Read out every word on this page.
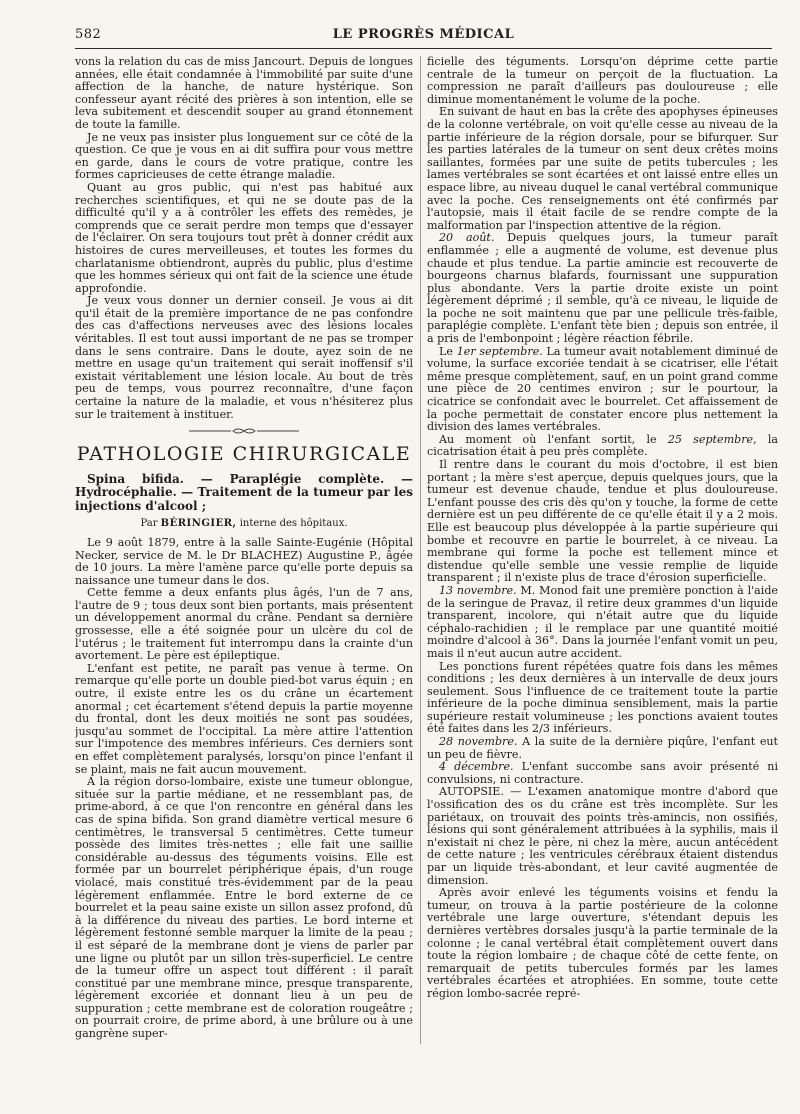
582	LE PROGRÈS MÉDICAL

vons la relation du cas de miss Jancourt. Depuis de longues années, elle était condamnée à l'immobilité par suite d'une affection de la hanche, de nature hystérique. Son confesseur ayant récité des prières à son intention, elle se leva subitement et descendit souper au grand étonnement de toute la famille.

Je ne veux pas insister plus longuement sur ce côté de la question. Ce que je vous en ai dit suffira pour vous mettre en garde, dans le cours de votre pratique, contre les formes capricieuses de cette étrange maladie.

Quant au gros public, qui n'est pas habitué aux recherches scientifiques, et qui ne se doute pas de la difficulté qu'il y a à contrôler les effets des remèdes, je comprends que ce serait perdre mon temps que d'essayer de l'éclairer. On sera toujours tout prêt à donner crédit aux histoires de cures merveilleuses, et toutes les formes du charlatanisme obtiendront, auprès du public, plus d'estime que les hommes sérieux qui ont fait de la science une étude approfondie.

Je veux vous donner un dernier conseil. Je vous ai dit qu'il était de la première importance de ne pas confondre des cas d'affections nerveuses avec des lésions locales véritables. Il est tout aussi important de ne pas se tromper dans le sens contraire. Dans le doute, ayez soin de ne mettre en usage qu'un traitement qui serait inoffensif s'il existait véritablement une lésion locale. Au bout de très peu de temps, vous pourrez reconnaître, d'une façon certaine la nature de la maladie, et vous n'hésiterez plus sur le traitement à instituer.

PATHOLOGIE CHIRURGICALE

Spina bifida. — Paraplégie complète. — Hydrocéphalie. — Traitement de la tumeur par les injections d'alcool ;

Par BÉRINGIER, interne des hôpitaux.

Le 9 août 1879, entre à la salle Sainte-Eugénie (Hôpital Necker, service de M. le Dr BLACHEZ) Augustine P., âgée de 10 jours. La mère l'amène parce qu'elle porte depuis sa naissance une tumeur dans le dos.

Cette femme a deux enfants plus âgés, l'un de 7 ans, l'autre de 9 ; tous deux sont bien portants, mais présentent un développement anormal du crâne. Pendant sa dernière grossesse, elle a été soignée pour un ulcère du col de l'utérus ; le traitement fut interrompu dans la crainte d'un avortement. Le père est épileptique.

L'enfant est petite, ne paraît pas venue à terme. On remarque qu'elle porte un double pied-bot varus équin ; en outre, il existe entre les os du crâne un écartement anormal ; cet écartement s'étend depuis la partie moyenne du frontal, dont les deux moitiés ne sont pas soudées, jusqu'au sommet de l'occipital. La mère attire l'attention sur l'impotence des membres inférieurs. Ces derniers sont en effet complètement paralysés, lorsqu'on pince l'enfant il se plaint, mais ne fait aucun mouvement.

A la région dorso-lombaire, existe une tumeur oblongue, située sur la partie médiane, et ne ressemblant pas, de prime-abord, à ce que l'on rencontre en général dans les cas de spina bifida. Son grand diamètre vertical mesure 6 centimètres, le transversal 5 centimètres. Cette tumeur possède des limites très-nettes ; elle fait une saillie considérable au-dessus des téguments voisins. Elle est formée par un bourrelet périphérique épais, d'un rouge violacé, mais constitué très-évidemment par de la peau légèrement enflammée. Entre le bord externe de ce bourrelet et la peau saine existe un sillon assez profond, dû à la différence du niveau des parties. Le bord interne et légèrement festonné semble marquer la limite de la peau ; il est séparé de la membrane dont je viens de parler par une ligne ou plutôt par un sillon très-superficiel. Le centre de la tumeur offre un aspect tout différent : il paraît constitué par une membrane mince, presque transparente, légèrement excoriée et donnant lieu à un peu de suppuration ; cette membrane est de coloration rougeâtre ; on pourrait croire, de prime abord, à une brûlure ou à une gangrène super-

ficielle des téguments. Lorsqu'on déprime cette partie centrale de la tumeur on perçoit de la fluctuation. La compression ne paraît d'ailleurs pas douloureuse ; elle diminue momentanément le volume de la poche.

En suivant de haut en bas la crête des apophyses épineuses de la colonne vertébrale, on voit qu'elle cesse au niveau de la partie inférieure de la région dorsale, pour se bifurquer. Sur les parties latérales de la tumeur on sent deux crêtes moins saillantes, formées par une suite de petits tubercules ; les lames vertébrales se sont écartées et ont laissé entre elles un espace libre, au niveau duquel le canal vertébral communique avec la poche. Ces renseignements ont été confirmés par l'autopsie, mais il était facile de se rendre compte de la malformation par l'inspection attentive de la région.

20 août. Depuis quelques jours, la tumeur paraît enflammée ; elle a augmenté de volume, est devenue plus chaude et plus tendue. La partie amincie est recouverte de bourgeons charnus blafards, fournissant une suppuration plus abondante. Vers la partie droite existe un point légèrement déprimé ; il semble, qu'à ce niveau, le liquide de la poche ne soit maintenu que par une pellicule très-faible, paraplégie complète. L'enfant tète bien ; depuis son entrée, il a pris de l'embonpoint ; légère réaction fébrile.

Le 1er septembre. La tumeur avait notablement diminué de volume, la surface excoriée tendait à se cicatriser, elle l'était même presque complètement, sauf, en un point grand comme une pièce de 20 centimes environ ; sur le pourtour, la cicatrice se confondait avec le bourrelet. Cet affaissement de la poche permettait de constater encore plus nettement la division des lames vertébrales.

Au moment où l'enfant sortit, le 25 septembre, la cicatrisation était à peu près complète.

Il rentre dans le courant du mois d'octobre, il est bien portant ; la mère s'est aperçue, depuis quelques jours, que la tumeur est devenue chaude, tendue et plus douloureuse. L'enfant pousse des cris dès qu'on y touche, la forme de cette dernière est un peu différente de ce qu'elle était il y a 2 mois. Elle est beaucoup plus développée à la partie supérieure qui bombe et recouvre en partie le bourrelet, à ce niveau. La membrane qui forme la poche est tellement mince et distendue qu'elle semble une vessie remplie de liquide transparent ; il n'existe plus de trace d'érosion superficielle.

13 novembre. M. Monod fait une première ponction à l'aide de la seringue de Pravaz, il retire deux grammes d'un liquide transparent, incolore, qui n'était autre que du liquide céphalo-rachidien ; il le remplace par une quantité moitié moindre d'alcool à 36°. Dans la journée l'enfant vomit un peu, mais il n'eut aucun autre accident.

Les ponctions furent répétées quatre fois dans les mêmes conditions ; les deux dernières à un intervalle de deux jours seulement. Sous l'influence de ce traitement toute la partie inférieure de la poche diminua sensiblement, mais la partie supérieure restait volumineuse ; les ponctions avaient toutes été faites dans les 2/3 inférieurs.

28 novembre. A la suite de la dernière piqûre, l'enfant eut un peu de fièvre.

4 décembre. L'enfant succombe sans avoir présenté ni convulsions, ni contracture.

AUTOPSIE. — L'examen anatomique montre d'abord que l'ossification des os du crâne est très incomplète. Sur les pariétaux, on trouvait des points très-amincis, non ossifiés, lésions qui sont généralement attribuées à la syphilis, mais il n'existait ni chez le père, ni chez la mère, aucun antécédent de cette nature ; les ventricules cérébraux étaient distendus par un liquide très-abondant, et leur cavité augmentée de dimension.

Après avoir enlevé les téguments voisins et fendu la tumeur, on trouva à la partie postérieure de la colonne vertébrale une large ouverture, s'étendant depuis les dernières vertèbres dorsales jusqu'à la partie terminale de la colonne ; le canal vertébral était complètement ouvert dans toute la région lombaire ; de chaque côté de cette fente, on remarquait de petits tubercules formés par les lames vertébrales écartées et atrophiées. En somme, toute cette région lombo-sacrée repré-
